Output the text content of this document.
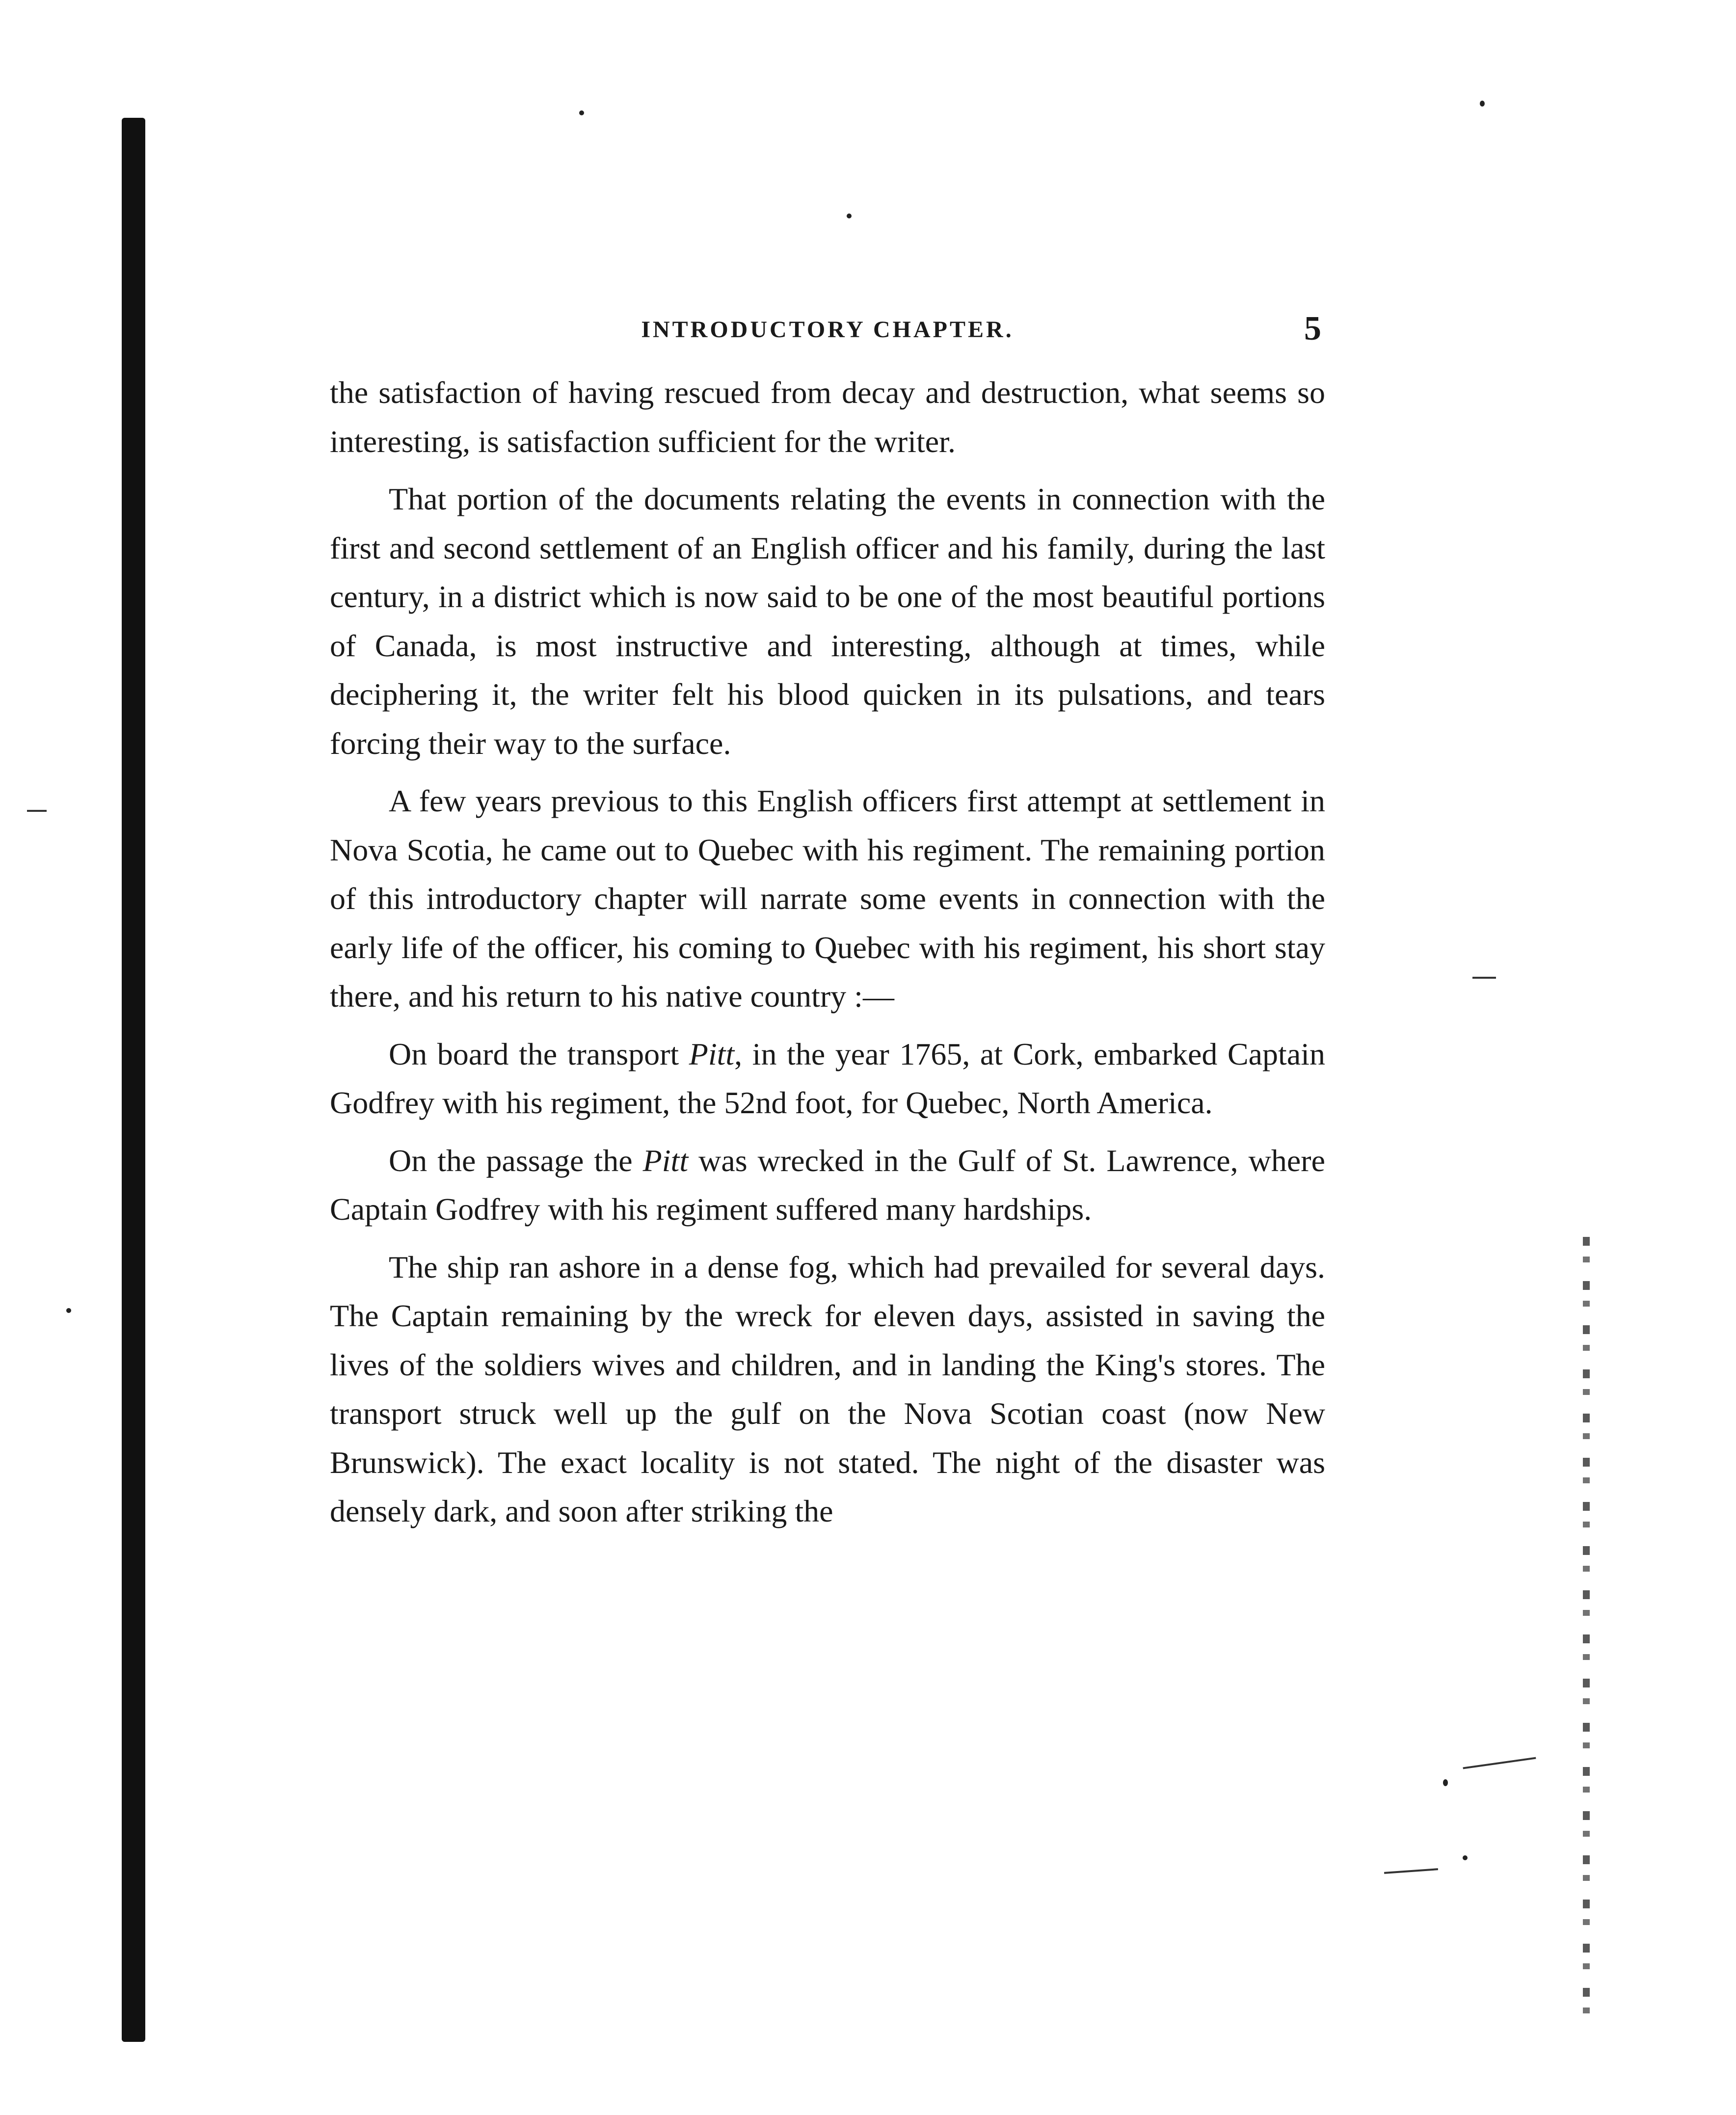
INTRODUCTORY CHAPTER.	5

the satisfaction of having rescued from decay and destruction, what seems so interesting, is satisfaction sufficient for the writer.

That portion of the documents relating the events in connection with the first and second settlement of an English officer and his family, during the last century, in a district which is now said to be one of the most beautiful portions of Canada, is most instructive and interesting, although at times, while deciphering it, the writer felt his blood quicken in its pulsations, and tears forcing their way to the surface.

A few years previous to this English officers first attempt at settlement in Nova Scotia, he came out to Quebec with his regiment. The remaining portion of this introductory chapter will narrate some events in connection with the early life of the officer, his coming to Quebec with his regiment, his short stay there, and his return to his native country :—

On board the transport Pitt, in the year 1765, at Cork, embarked Captain Godfrey with his regiment, the 52nd foot, for Quebec, North America.

On the passage the Pitt was wrecked in the Gulf of St. Lawrence, where Captain Godfrey with his regiment suffered many hardships.

The ship ran ashore in a dense fog, which had prevailed for several days. The Captain remaining by the wreck for eleven days, assisted in saving the lives of the soldiers wives and children, and in landing the King's stores. The transport struck well up the gulf on the Nova Scotian coast (now New Brunswick). The exact locality is not stated. The night of the disaster was densely dark, and soon after striking the
